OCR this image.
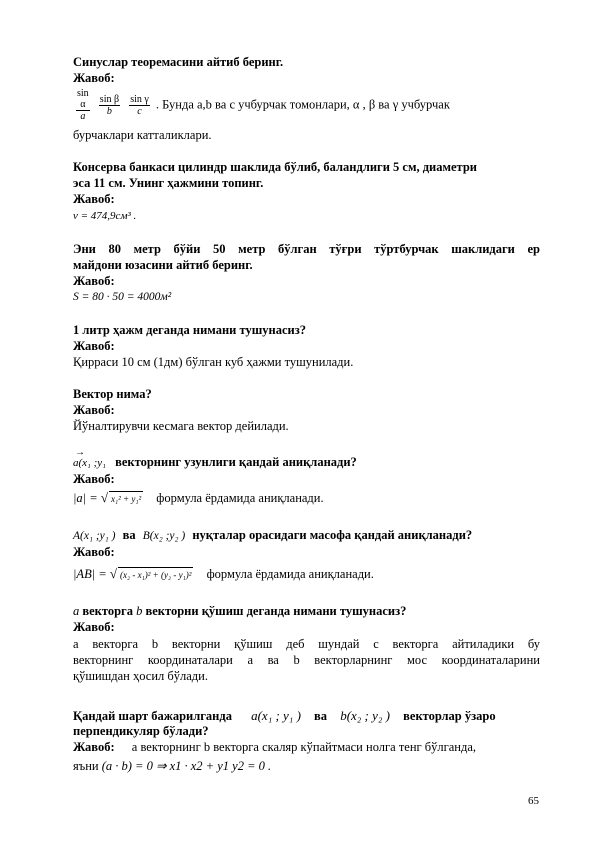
Синуслар теоремасини айтиб беринг.
Жавоб:
sin
α
a
	$\frac{\text{sin β}}{b}$
$\frac{\text{sin γ}}{c}$ . Бунда a,b ва c учбурчак томонлари, α , β ва γ учбурчак
бурчаклари катталиклари.
Консерва банкаси цилиндр шаклида бўлиб, баландлиги 5 см, диаметри
эса 11 см. Унинг ҳажмини топинг.
Жавоб:
v = 474,9см³ .
Эни 80 метр бўйи 50 метр бўлган тўғри тўртбурчак шаклидаги ер
майдони юзасини айтиб беринг.
Жавоб:
S = 80 · 50 = 4000м²
1 литр ҳажм деганда нимани тушунасиз?
Жавоб:
Қирраси 10 см (1дм) бўлган куб ҳажми тушунилади.
Вектор нима?
Жавоб:
Йўналтирувчи кесмага вектор дейилади.
→ a(x₁ ;y₁ векторнинг узунлиги қандай аниқланади?
Жавоб:
|a| = √ x₁² + y₁² формула ёрдамида аниқланади.
A(x₁ ;y₁ ) ва B(x₂ ;y₂ ) нуқталар орасидаги масофа қандай аниқланади?
Жавоб:
|AB| = √ (x₂ - x₁)² + (y₂ - y₁)² формула ёрдамида аниқланади.
a векторга b векторни қўшиш деганда нимани тушунасиз?
Жавоб:
a векторга b векторни қўшиш деб шундай c векторга айтиладики бу
векторнинг координаталари a ва b векторларнинг мос координаталарини
қўшишдан ҳосил бўлади.
Қандай шарт бажарилганда a(x₁ ; y₁ ) ва b(x₂ ; y₂ ) векторлар ўзаро
перпендикуляр бўлади?
Жавоб: a векторнинг b векторга скаляр кўпайтмаси нолга тенг бўлганда,
яъни (a · b) = 0 ⇒ x1 · x2 + y1 y2 = 0 .
65
